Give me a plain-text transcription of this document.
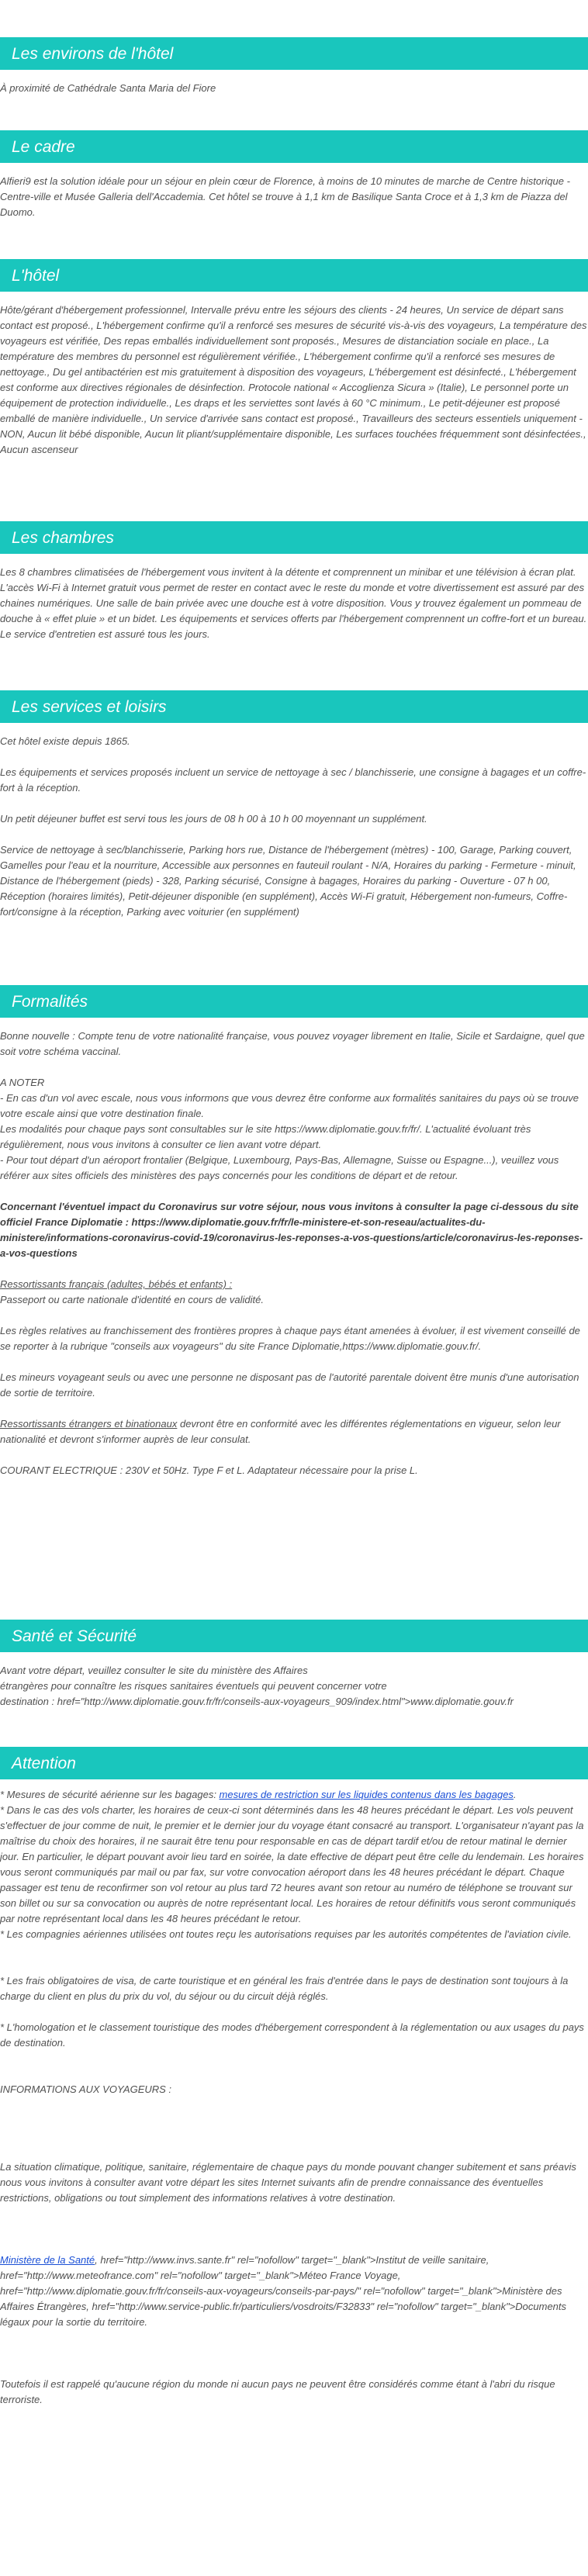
Les environs de l'hôtel

À proximité de Cathédrale Santa Maria del Fiore

Le cadre

Alfieri9 est la solution idéale pour un séjour en plein cœur de Florence, à moins de 10 minutes de marche de Centre historique - Centre-ville et Musée Galleria dell'Accademia. Cet hôtel se trouve à 1,1 km de Basilique Santa Croce et à 1,3 km de Piazza del Duomo.

L'hôtel

Hôte/gérant d'hébergement professionnel, Intervalle prévu entre les séjours des clients - 24 heures, Un service de départ sans contact est proposé., L'hébergement confirme qu'il a renforcé ses mesures de sécurité vis-à-vis des voyageurs, La température des voyageurs est vérifiée, Des repas emballés individuellement sont proposés., Mesures de distanciation sociale en place., La température des membres du personnel est régulièrement vérifiée., L'hébergement confirme qu'il a renforcé ses mesures de nettoyage., Du gel antibactérien est mis gratuitement à disposition des voyageurs, L'hébergement est désinfecté., L'hébergement est conforme aux directives régionales de désinfection. Protocole national « Accoglienza Sicura » (Italie), Le personnel porte un équipement de protection individuelle., Les draps et les serviettes sont lavés à 60 °C minimum., Le petit-déjeuner est proposé emballé de manière individuelle., Un service d'arrivée sans contact est proposé., Travailleurs des secteurs essentiels uniquement - NON, Aucun lit bébé disponible, Aucun lit pliant/supplémentaire disponible, Les surfaces touchées fréquemment sont désinfectées., Aucun ascenseur

Les chambres

Les 8 chambres climatisées de l'hébergement vous invitent à la détente et comprennent un minibar et une télévision à écran plat. L'accès Wi-Fi à Internet gratuit vous permet de rester en contact avec le reste du monde et votre divertissement est assuré par des chaines numériques. Une salle de bain privée avec une douche est à votre disposition. Vous y trouvez également un pommeau de douche à « effet pluie » et un bidet. Les équipements et services offerts par l'hébergement comprennent un coffre-fort et un bureau. Le service d'entretien est assuré tous les jours.

Les services et loisirs

Cet hôtel existe depuis 1865.

Les équipements et services proposés incluent un service de nettoyage à sec / blanchisserie, une consigne à bagages et un coffre-fort à la réception.

Un petit déjeuner buffet est servi tous les jours de 08 h 00 à 10 h 00 moyennant un supplément.

Service de nettoyage à sec/blanchisserie, Parking hors rue, Distance de l'hébergement (mètres) - 100, Garage, Parking couvert, Gamelles pour l'eau et la nourriture, Accessible aux personnes en fauteuil roulant - N/A, Horaires du parking - Fermeture - minuit, Distance de l'hébergement (pieds) - 328, Parking sécurisé, Consigne à bagages, Horaires du parking - Ouverture - 07 h 00, Réception (horaires limités), Petit-déjeuner disponible (en supplément), Accès Wi-Fi gratuit, Hébergement non-fumeurs, Coffre-fort/consigne à la réception, Parking avec voiturier (en supplément)

Formalités

Bonne nouvelle : Compte tenu de votre nationalité française, vous pouvez voyager librement en Italie, Sicile et Sardaigne, quel que soit votre schéma vaccinal.

A NOTER
- En cas d'un vol avec escale, nous vous informons que vous devrez être conforme aux formalités sanitaires du pays où se trouve votre escale ainsi que votre destination finale.
Les modalités pour chaque pays sont consultables sur le site https://www.diplomatie.gouv.fr/fr/. L'actualité évoluant très régulièrement, nous vous invitons à consulter ce lien avant votre départ.
- Pour tout départ d'un aéroport frontalier (Belgique, Luxembourg, Pays-Bas, Allemagne, Suisse ou Espagne...), veuillez vous référer aux sites officiels des ministères des pays concernés pour les conditions de départ et de retour.

Concernant l'éventuel impact du Coronavirus sur votre séjour, nous vous invitons à consulter la page ci-dessous du site officiel France Diplomatie : https://www.diplomatie.gouv.fr/fr/le-ministere-et-son-reseau/actualites-du-ministere/informations-coronavirus-covid-19/coronavirus-les-reponses-a-vos-questions/article/coronavirus-les-reponses-a-vos-questions

Ressortissants français (adultes, bébés et enfants) :
Passeport ou carte nationale d'identité en cours de validité.

Les règles relatives au franchissement des frontières propres à chaque pays étant amenées à évoluer, il est vivement conseillé de se reporter à la rubrique "conseils aux voyageurs" du site France Diplomatie,https://www.diplomatie.gouv.fr/.

Les mineurs voyageant seuls ou avec une personne ne disposant pas de l'autorité parentale doivent être munis d'une autorisation de sortie de territoire.

Ressortissants étrangers et binationaux devront être en conformité avec les différentes réglementations en vigueur, selon leur nationalité et devront s'informer auprès de leur consulat.

COURANT ELECTRIQUE : 230V et 50Hz. Type F et L. Adaptateur nécessaire pour la prise L.

Santé et Sécurité
Avant votre départ, veuillez consulter le site du ministère des Affaires
étrangères pour connaître les risques sanitaires éventuels qui peuvent concerner votre
destination : href="http://www.diplomatie.gouv.fr/fr/conseils-aux-voyageurs_909/index.html">www.diplomatie.gouv.fr
Attention
* Mesures de sécurité aérienne sur les bagages: mesures de restriction sur les liquides contenus dans les bagages.
* Dans le cas des vols charter, les horaires de ceux-ci sont déterminés dans les 48 heures précédant le départ. Les vols peuvent s'effectuer de jour comme de nuit, le premier et le dernier jour du voyage étant consacré au transport. L'organisateur n'ayant pas la maîtrise du choix des horaires, il ne saurait être tenu pour responsable en cas de départ tardif et/ou de retour matinal le dernier jour. En particulier, le départ pouvant avoir lieu tard en soirée, la date effective de départ peut être celle du lendemain. Les horaires vous seront communiqués par mail ou par fax, sur votre convocation aéroport dans les 48 heures précédant le départ. Chaque passager est tenu de reconfirmer son vol retour au plus tard 72 heures avant son retour au numéro de téléphone se trouvant sur son billet ou sur sa convocation ou auprès de notre représentant local. Les horaires de retour définitifs vous seront communiqués par notre représentant local dans les 48 heures précédant le retour.
* Les compagnies aériennes utilisées ont toutes reçu les autorisations requises par les autorités compétentes de l'aviation civile.
* Les frais obligatoires de visa, de carte touristique et en général les frais d'entrée dans le pays de destination sont toujours à la charge du client en plus du prix du vol, du séjour ou du circuit déjà réglés.
* L'homologation et le classement touristique des modes d'hébergement correspondent à la réglementation ou aux usages du pays de destination.
INFORMATIONS AUX VOYAGEURS :
La situation climatique, politique, sanitaire, réglementaire de chaque pays du monde pouvant changer subitement et sans préavis
nous vous invitons à consulter avant votre départ les sites Internet suivants afin de prendre connaissance des éventuelles restrictions, obligations ou tout simplement des informations relatives à votre destination.
Ministère de la Santé, href="http://www.invs.sante.fr" rel="nofollow" target="_blank">Institut de veille sanitaire, href="http://www.meteofrance.com" rel="nofollow" target="_blank">Méteo France Voyage, href="http://www.diplomatie.gouv.fr/fr/conseils-aux-voyageurs/conseils-par-pays/" rel="nofollow" target="_blank">Ministère des Affaires Étrangères, href="http://www.service-public.fr/particuliers/vosdroits/F32833" rel="nofollow" target="_blank">Documents légaux pour la sortie du territoire.
Toutefois il est rappelé qu'aucune région du monde ni aucun pays ne peuvent être considérés comme étant à l'abri du risque terroriste.
